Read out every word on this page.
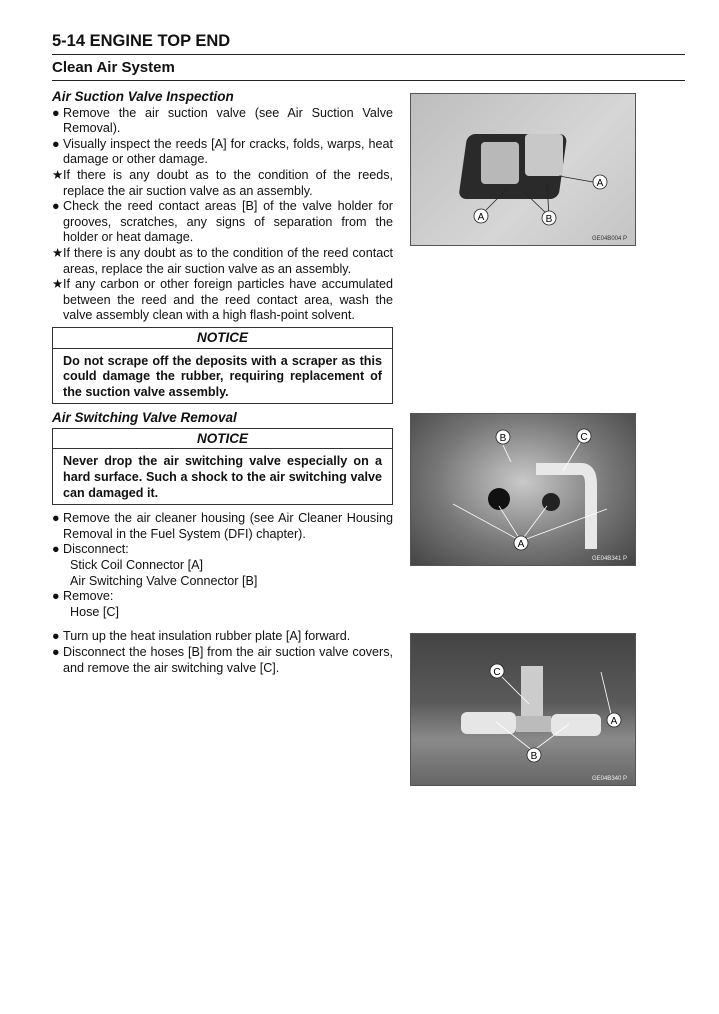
5-14 ENGINE TOP END
Clean Air System
Air Suction Valve Inspection
● Remove the air suction valve (see Air Suction Valve Removal).
● Visually inspect the reeds [A] for cracks, folds, warps, heat damage or other damage.
★ If there is any doubt as to the condition of the reeds, replace the air suction valve as an assembly.
● Check the reed contact areas [B] of the valve holder for grooves, scratches, any signs of separation from the holder or heat damage.
★ If there is any doubt as to the condition of the reed contact areas, replace the air suction valve as an assembly.
★ If any carbon or other foreign particles have accumulated between the reed and the reed contact area, wash the valve assembly clean with a high flash-point solvent.
NOTICE
Do not scrape off the deposits with a scraper as this could damage the rubber, requiring replacement of the suction valve assembly.
Air Switching Valve Removal
NOTICE
Never drop the air switching valve especially on a hard surface. Such a shock to the air switching valve can damaged it.
● Remove the air cleaner housing (see Air Cleaner Housing Removal in the Fuel System (DFI) chapter).
● Disconnect:
Stick Coil Connector [A]
Air Switching Valve Connector [B]
● Remove:
Hose [C]
● Turn up the heat insulation rubber plate [A] forward.
● Disconnect the hoses [B] from the air suction valve covers, and remove the air switching valve [C].
A
A	B
GE04B004 P
B	C
A
GE04B341 P
C
A
B
GE04B340 P
